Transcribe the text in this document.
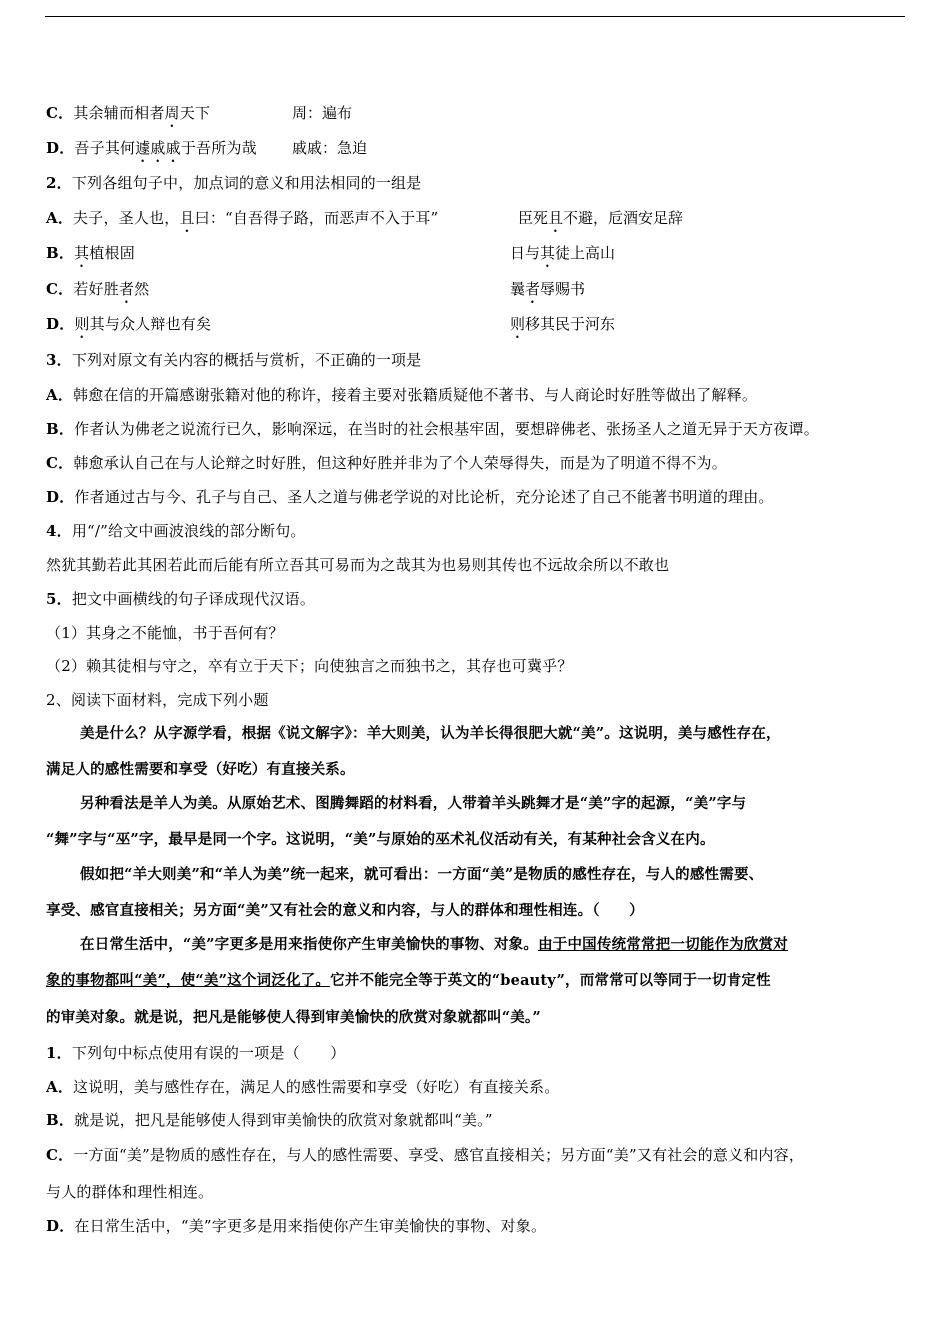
C．其余辅而相者周天下	周：遍布
D．吾子其何遽戚戚于吾所为哉 戚戚：急迫
2．下列各组句子中，加点词的意义和用法相同的一组是
A．夫子，圣人也，且曰：“自吾得子路，而恶声不入于耳”	臣死且不避，卮酒安足辞
B．其植根固	日与其徒上高山
C．若好胜者然	曩者辱赐书
D．则其与众人辩也有矣	则移其民于河东
3．下列对原文有关内容的概括与赏析，不正确的一项是
A．韩愈在信的开篇感谢张籍对他的称许，接着主要对张籍质疑他不著书、与人商论时好胜等做出了解释。
B．作者认为佛老之说流行已久，影响深远，在当时的社会根基牢固，要想辟佛老、张扬圣人之道无异于天方夜谭。
C．韩愈承认自己在与人论辩之时好胜，但这种好胜并非为了个人荣辱得失，而是为了明道不得不为。
D．作者通过古与今、孔子与自己、圣人之道与佛老学说的对比论析，充分论述了自己不能著书明道的理由。
4．用“/”给文中画波浪线的部分断句。
然犹其勤若此其困若此而后能有所立吾其可易而为之哉其为也易则其传也不远故余所以不敢也
5．把文中画横线的句子译成现代汉语。
（1）其身之不能恤，书于吾何有？
（2）赖其徒相与守之，卒有立于天下；向使独言之而独书之，其存也可冀乎？
2、阅读下面材料，完成下列小题
美是什么？从字源学看，根据《说文解字》：羊大则美，认为羊长得很肥大就“美”。这说明，美与感性存在，
满足人的感性需要和享受（好吃）有直接关系。
另种看法是羊人为美。从原始艺术、图腾舞蹈的材料看，人带着羊头跳舞才是“美”字的起源，“美”字与
“舞”字与“巫”字，最早是同一个字。这说明，“美”与原始的巫术礼仪活动有关，有某种社会含义在内。
假如把“羊大则美”和“羊人为美”统一起来，就可看出：一方面“美”是物质的感性存在，与人的感性需要、
享受、感官直接相关；另方面“美”又有社会的意义和内容，与人的群体和理性相连。（　　）
在日常生活中，“美”字更多是用来指使你产生审美愉快的事物、对象。由于中国传统常常把一切能作为欣赏对
象的事物都叫“美”，使“美”这个词泛化了。它并不能完全等于英文的“beauty”，而常常可以等同于一切肯定性
的审美对象。就是说，把凡是能够使人得到审美愉快的欣赏对象就都叫“美。”
1．下列句中标点使用有误的一项是（　　）
A．这说明，美与感性存在，满足人的感性需要和享受（好吃）有直接关系。
B．就是说，把凡是能够使人得到审美愉快的欣赏对象就都叫“美。”
C．一方面“美”是物质的感性存在，与人的感性需要、享受、感官直接相关；另方面“美”又有社会的意义和内容，
与人的群体和理性相连。
D．在日常生活中，“美”字更多是用来指使你产生审美愉快的事物、对象。
